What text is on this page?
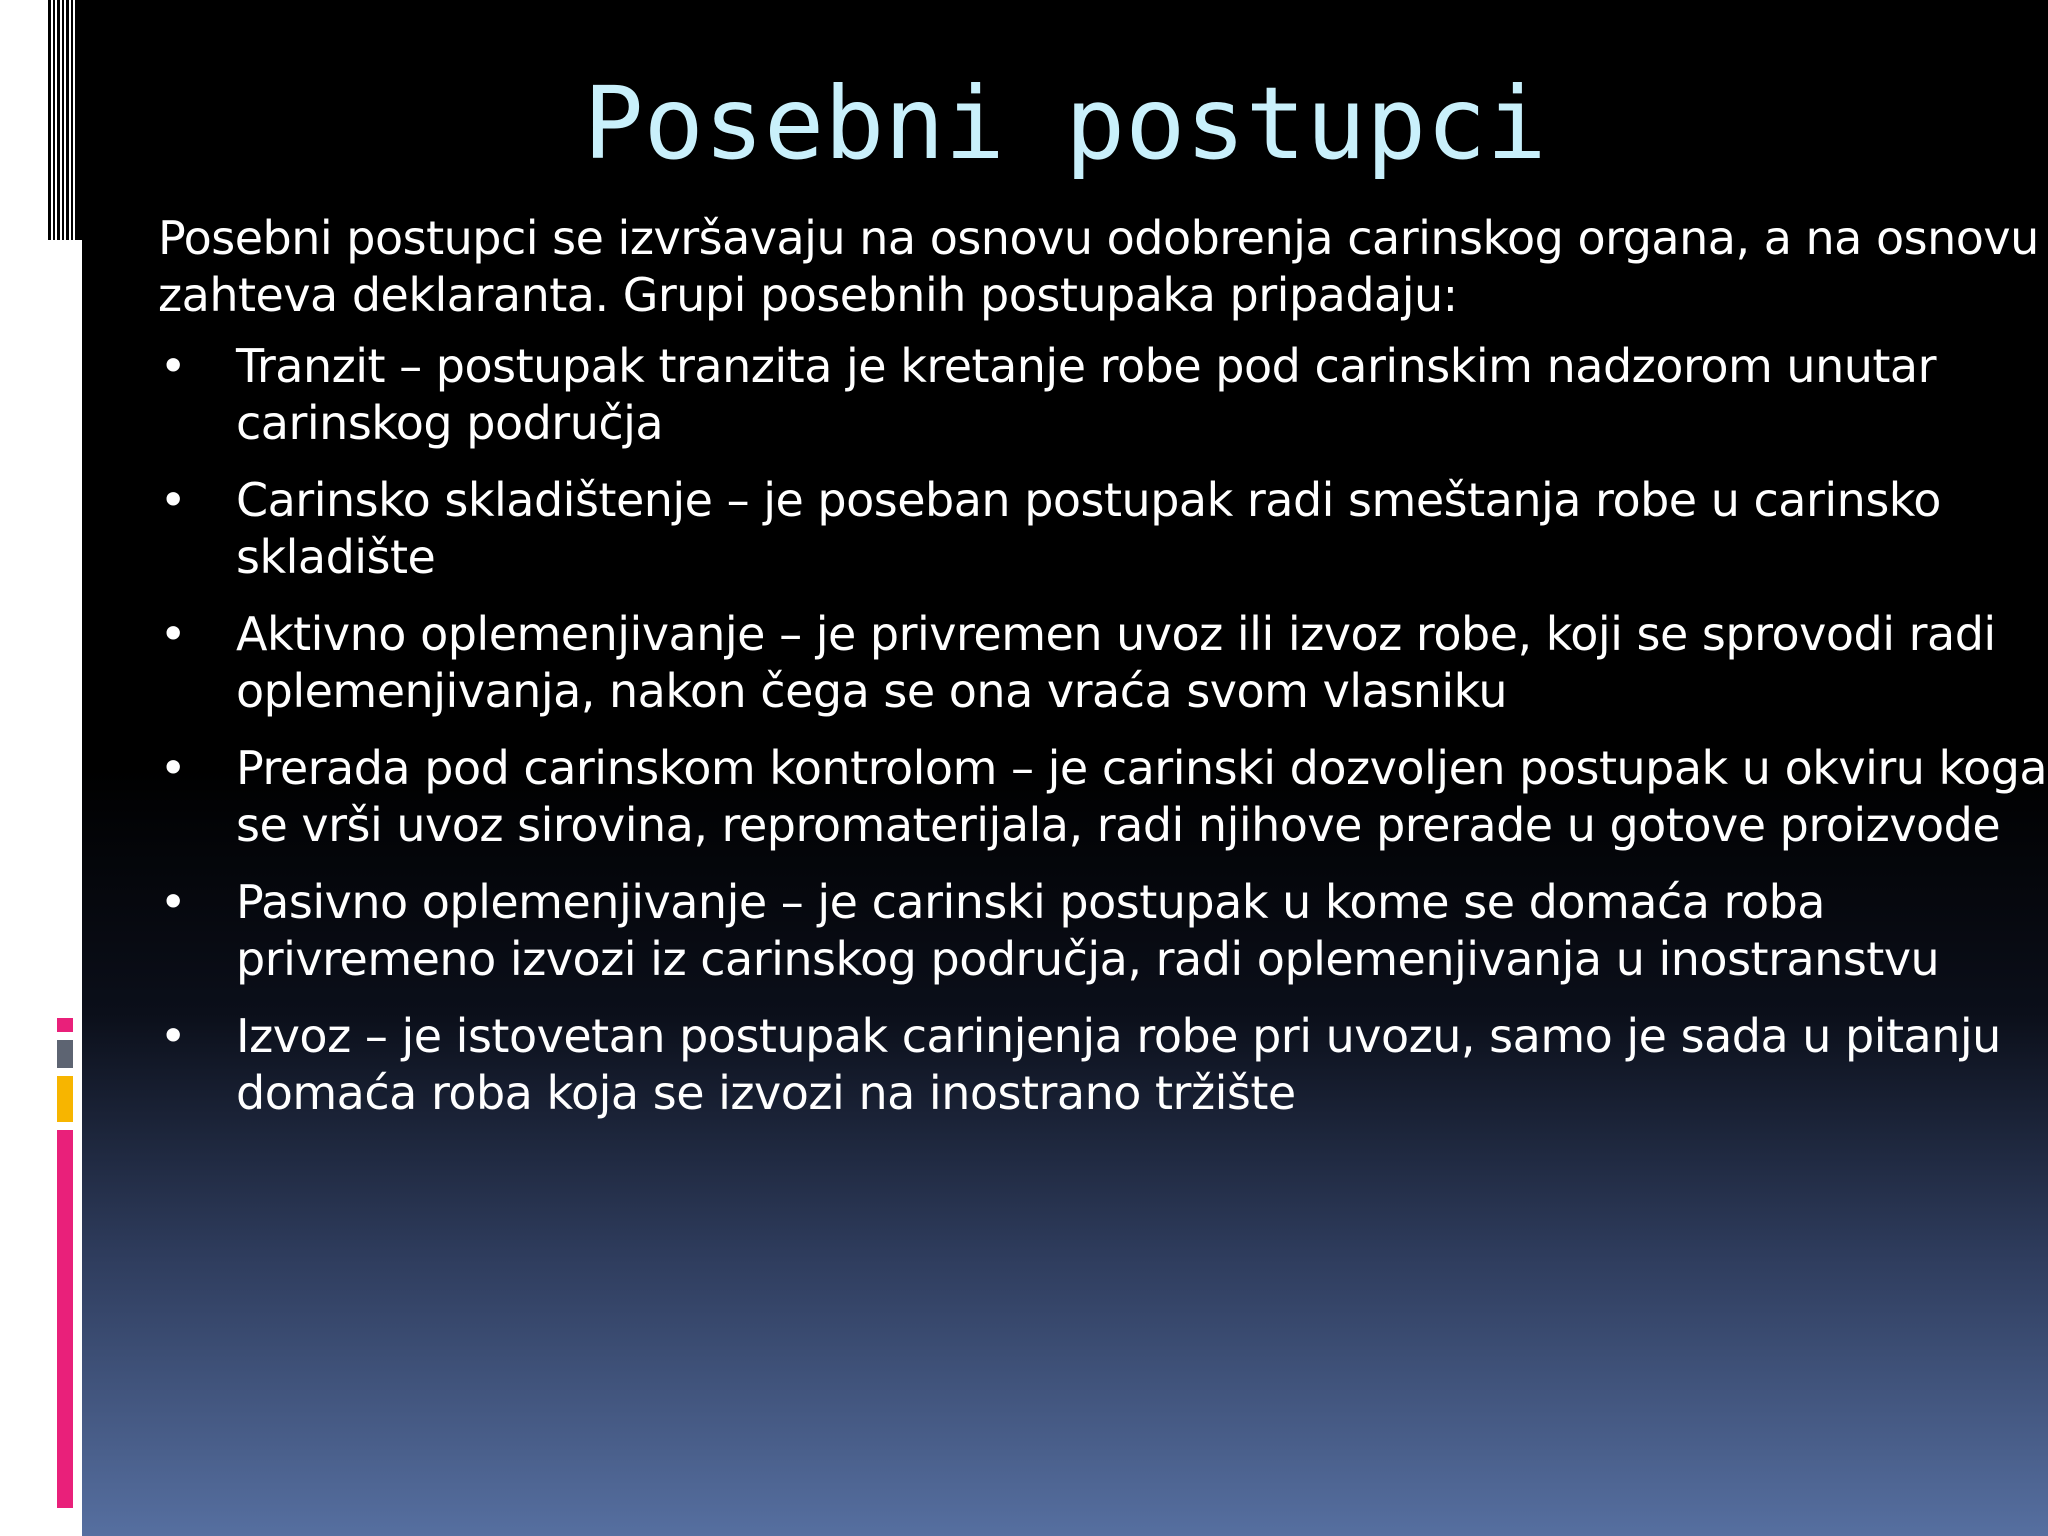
Posebni postupci

Posebni postupci se izvršavaju na osnovu odobrenja carinskog organa, a na osnovu zahteva deklaranta. Grupi posebnih postupaka pripadaju:

• Tranzit – postupak tranzita je kretanje robe pod carinskim nadzorom unutar carinskog područja
• Carinsko skladištenje – je poseban postupak radi smeštanja robe u carinsko skladište
• Aktivno oplemenjivanje – je privremen uvoz ili izvoz robe, koji se sprovodi radi oplemenjivanja, nakon čega se ona vraća svom vlasniku
• Prerada pod carinskom kontrolom – je carinski dozvoljen postupak u okviru koga se vrši uvoz sirovina, repromaterijala, radi njihove prerade u gotove proizvode
• Pasivno oplemenjivanje – je carinski postupak u kome se domaća roba privremeno izvozi iz carinskog područja, radi oplemenjivanja u inostranstvu
• Izvoz – je istovetan postupak carinjenja robe pri uvozu, samo je sada u pitanju domaća roba koja se izvozi na inostrano tržište
